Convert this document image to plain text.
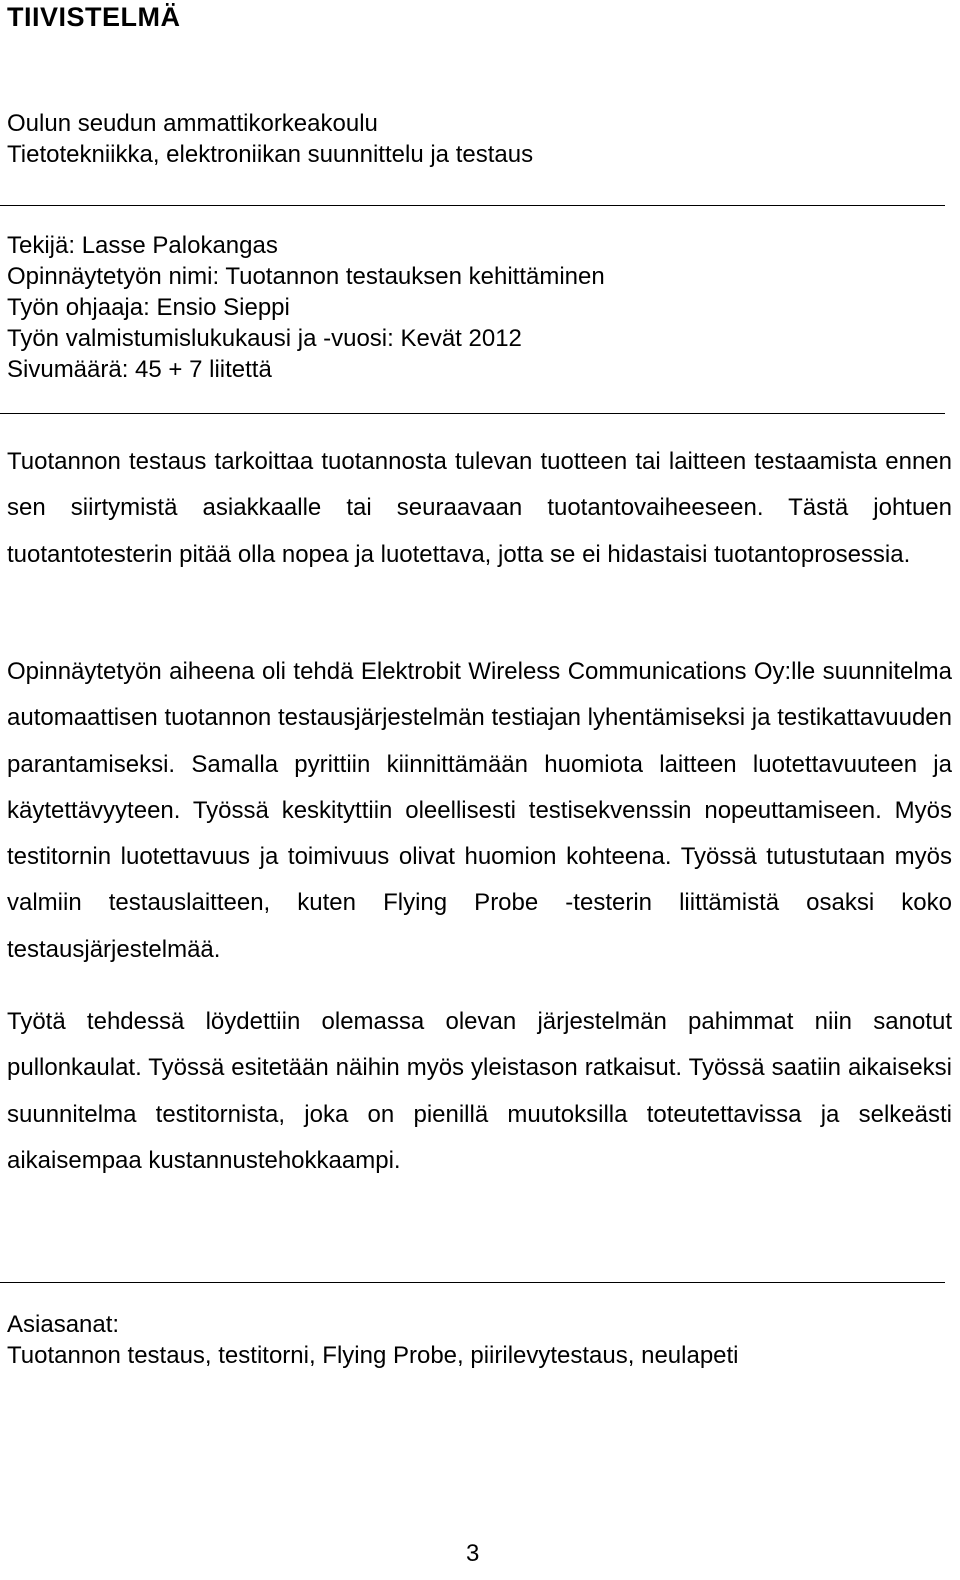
TIIVISTELMÄ
Oulun seudun ammattikorkeakoulu
Tietotekniikka, elektroniikan suunnittelu ja testaus
Tekijä: Lasse Palokangas
Opinnäytetyön nimi: Tuotannon testauksen kehittäminen
Työn ohjaaja: Ensio Sieppi
Työn valmistumislukukausi ja -vuosi: Kevät 2012
Sivumäärä: 45 + 7 liitettä

Tuotannon testaus tarkoittaa tuotannosta tulevan tuotteen tai laitteen testaamista ennen sen siirtymistä asiakkaalle tai seuraavaan tuotantovaiheeseen. Tästä johtuen tuotantotesterin pitää olla nopea ja luotettava, jotta se ei hidastaisi tuotantoprosessia.

Opinnäytetyön aiheena oli tehdä Elektrobit Wireless Communications Oy:lle suunnitelma automaattisen tuotannon testausjärjestelmän testiajan lyhentämiseksi ja testikattavuuden parantamiseksi. Samalla pyrittiin kiinnittämään huomiota laitteen luotettavuuteen ja käytettävyyteen. Työssä keskityttiin oleellisesti testisekvenssin nopeuttamiseen. Myös testitornin luotettavuus ja toimivuus olivat huomion kohteena. Työssä tutustutaan myös valmiin testauslaitteen, kuten Flying Probe -testerin liittämistä osaksi koko testausjärjestelmää.

Työtä tehdessä löydettiin olemassa olevan järjestelmän pahimmat niin sanotut pullonkaulat. Työssä esitetään näihin myös yleistason ratkaisut. Työssä saatiin aikaiseksi suunnitelma testitornista, joka on pienillä muutoksilla toteutettavissa ja selkeästi aikaisempaa kustannustehokkaampi.

Asiasanat:
Tuotannon testaus, testitorni, Flying Probe, piirilevytestaus, neulapeti
3
